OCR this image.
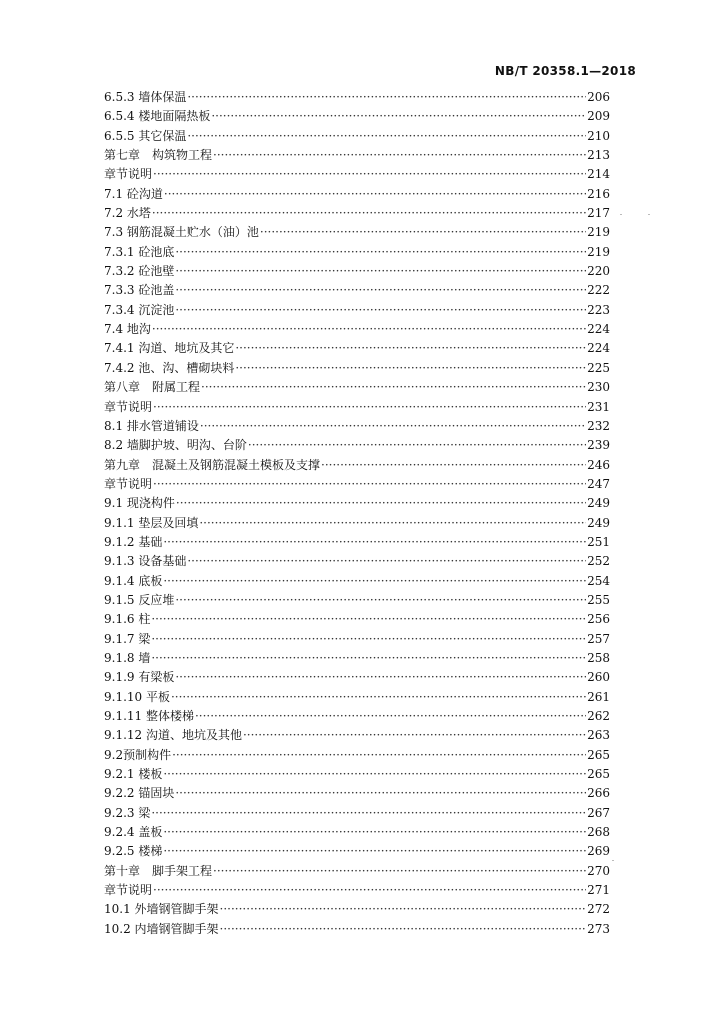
NB/T 20358.1—2018
6.5.3 墙体保温 ·····	206
6.5.4 楼地面隔热板 ·····	209
6.5.5 其它保温 ·····	210
第七章　构筑物工程 ·····	213
章节说明 ·····	214
7.1 砼沟道 ·····	216
7.2 水塔 ·····	217
7.3 钢筋混凝土贮水（油）池 ·····	219
7.3.1 砼池底 ·····	219
7.3.2 砼池壁 ·····	220
7.3.3 砼池盖 ·····	222
7.3.4 沉淀池 ·····	223
7.4 地沟 ·····	224
7.4.1 沟道、地坑及其它 ·····	224
7.4.2 池、沟、槽砌块料 ·····	225
第八章　附属工程 ·····	230
章节说明 ·····	231
8.1 排水管道铺设 ·····	232
8.2 墙脚护坡、明沟、台阶 ·····	239
第九章　混凝土及钢筋混凝土模板及支撑 ·····	246
章节说明 ·····	247
9.1 现浇构件 ·····	249
9.1.1 垫层及回填 ·····	249
9.1.2 基础 ·····	251
9.1.3 设备基础 ·····	252
9.1.4 底板 ·····	254
9.1.5 反应堆 ·····	255
9.1.6 柱 ·····	256
9.1.7 梁 ·····	257
9.1.8 墙 ·····	258
9.1.9 有梁板 ·····	260
9.1.10 平板 ·····	261
9.1.11 整体楼梯 ·····	262
9.1.12 沟道、地坑及其他 ·····	263
9.2预制构件 ·····	265
9.2.1 楼板 ·····	265
9.2.2 锚固块 ·····	266
9.2.3 梁 ·····	267
9.2.4 盖板 ·····	268
9.2.5 楼梯 ·····	269
第十章　脚手架工程 ·····	270
章节说明 ·····	271
10.1 外墙钢管脚手架 ·····	272
10.2 内墙钢管脚手架 ·····	273
